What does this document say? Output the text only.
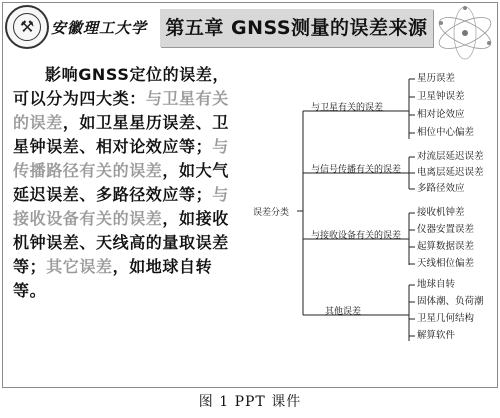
⚒	安徽理工大学 第五章 GNSS测量的误差来源
影响GNSS定位的误差，可以分为四大类：与卫星有关的误差，如卫星星历误差、卫星钟误差、相对论效应等；与传播路径有关的误差，如大气延迟误差、多路径效应等；与接收设备有关的误差，如接收机钟误差、天线高的量取误差等；其它误差，如地球自转等。
误差分类
与卫星有关的误差
星历误差
卫星钟误差
相对论效应
相位中心偏差
与信号传播有关的误差
对流层延迟误差
电离层延迟误差
多路径效应
与接收设备有关的误差
接收机钟差
仪器安置误差
起算数据误差
天线相位偏差
其他误差
地球自转
固体潮、负荷潮
卫星几何结构
解算软件
图 1 PPT 课件
